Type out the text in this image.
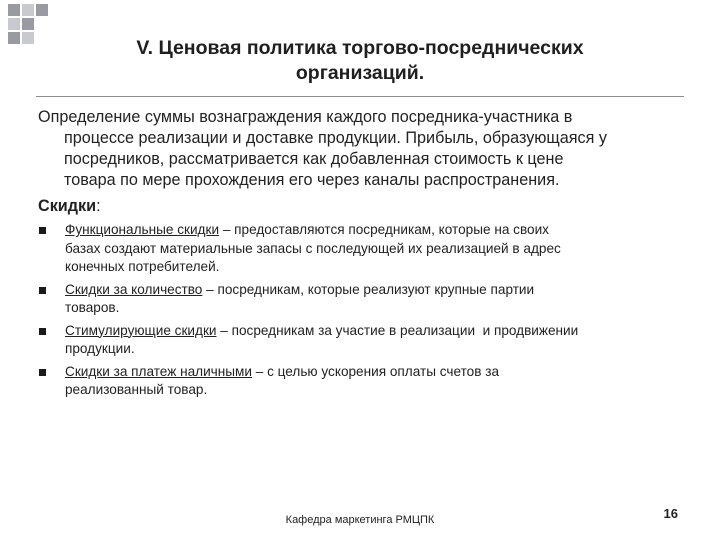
V. Ценовая политика торгово-посреднических
организаций.
Определение суммы вознаграждения каждого посредника-участника в
процессе реализации и доставке продукции. Прибыль, образующаяся у
посредников, рассматривается как добавленная стоимость к цене
товара по мере прохождения его через каналы распространения.
Скидки:
Функциональные скидки – предоставляются посредникам, которые на своих
базах создают материальные запасы с последующей их реализацией в адрес
конечных потребителей.
Скидки за количество – посредникам, которые реализуют крупные партии
товаров.
Стимулирующие скидки – посредникам за участие в реализации  и продвижении
продукции.
Скидки за платеж наличными – с целью ускорения оплаты счетов за
реализованный товар.
Кафедра маркетинга РМЦПК	16
